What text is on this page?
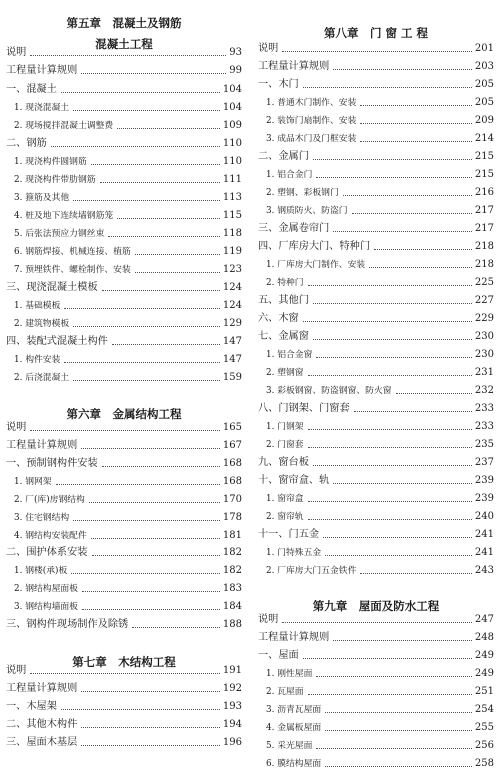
第五章　混凝土及钢筋
混凝土工程
说明	93
工程量计算规则	99
一、混凝土	104
1. 现浇混凝土	104
2. 现场搅拌混凝土调整费	109
二、钢筋	110
1. 现浇构件圆钢筋	110
2. 现浇构件带肋钢筋	111
3. 箍筋及其他	113
4. 桩及地下连续墙钢筋笼	115
5. 后张法预应力钢丝束	118
6. 钢筋焊接、机械连接、植筋	119
7. 预埋铁件、螺栓制作、安装	123
三、现浇混凝土模板	124
1. 基础模板	124
2. 建筑物模板	129
四、装配式混凝土构件	147
1. 构件安装	147
2. 后浇混凝土	159
第六章　金属结构工程
说明	165
工程量计算规则	167
一、预制钢构件安装	168
1. 钢网架	168
2. 厂(库)房钢结构	170
3. 住宅钢结构	178
4. 钢结构安装配件	181
二、围护体系安装	182
1. 钢楼(承)板	182
2. 钢结构屋面板	183
3. 钢结构墙面板	184
三、钢构件现场制作及除锈	188
第七章　木结构工程
说明	191
工程量计算规则	192
一、木屋架	193
二、其他木构件	194
三、屋面木基层	196
第八章　门 窗 工 程
说明	201
工程量计算规则	203
一、木门	205
1. 普通木门制作、安装	205
2. 装饰门扇制作、安装	209
3. 成品木门及门框安装	214
二、金属门	215
1. 铝合金门	215
2. 塑钢、彩板钢门	216
3. 钢质防火、防盗门	217
三、金属卷帘门	217
四、厂库房大门、特种门	218
1. 厂库房大门制作、安装	218
2. 特种门	225
五、其他门	227
六、木窗	229
七、金属窗	230
1. 铝合金窗	230
2. 塑钢窗	231
3. 彩板钢窗、防盗钢窗、防火窗	232
八、门钢架、门窗套	233
1. 门钢架	233
2. 门窗套	235
九、窗台板	237
十、窗帘盒、轨	239
1. 窗帘盒	239
2. 窗帘轨	240
十一、门五金	241
1. 门特殊五金	241
2. 厂库房大门五金铁件	243
第九章　屋面及防水工程
说明	247
工程量计算规则	248
一、屋面	249
1. 刚性屋面	249
2. 瓦屋面	251
3. 沥青瓦屋面	254
4. 金属板屋面	255
5. 采光屋面	256
6. 膜结构屋面	258
